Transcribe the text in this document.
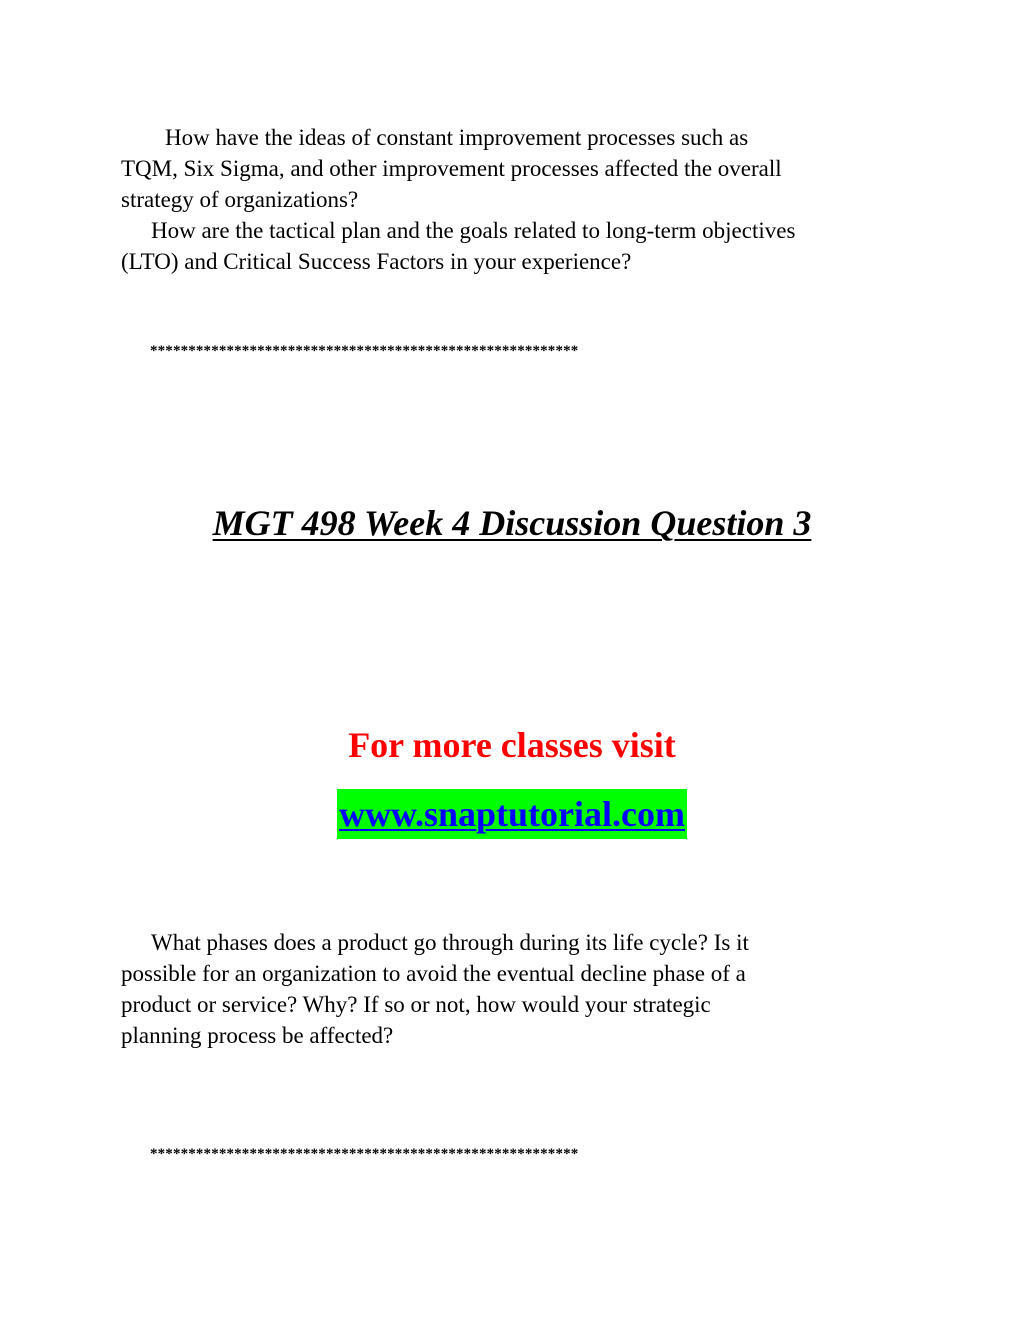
How have the ideas of constant improvement processes such as
TQM, Six Sigma, and other improvement processes affected the overall
strategy of organizations?
How are the tactical plan and the goals related to long-term objectives
(LTO) and Critical Success Factors in your experience?

********************************************************

MGT 498 Week 4 Discussion Question 3
For more classes visit
www.snaptutorial.com

What phases does a product go through during its life cycle? Is it
possible for an organization to avoid the eventual decline phase of a
product or service? Why? If so or not, how would your strategic
planning process be affected?

********************************************************
